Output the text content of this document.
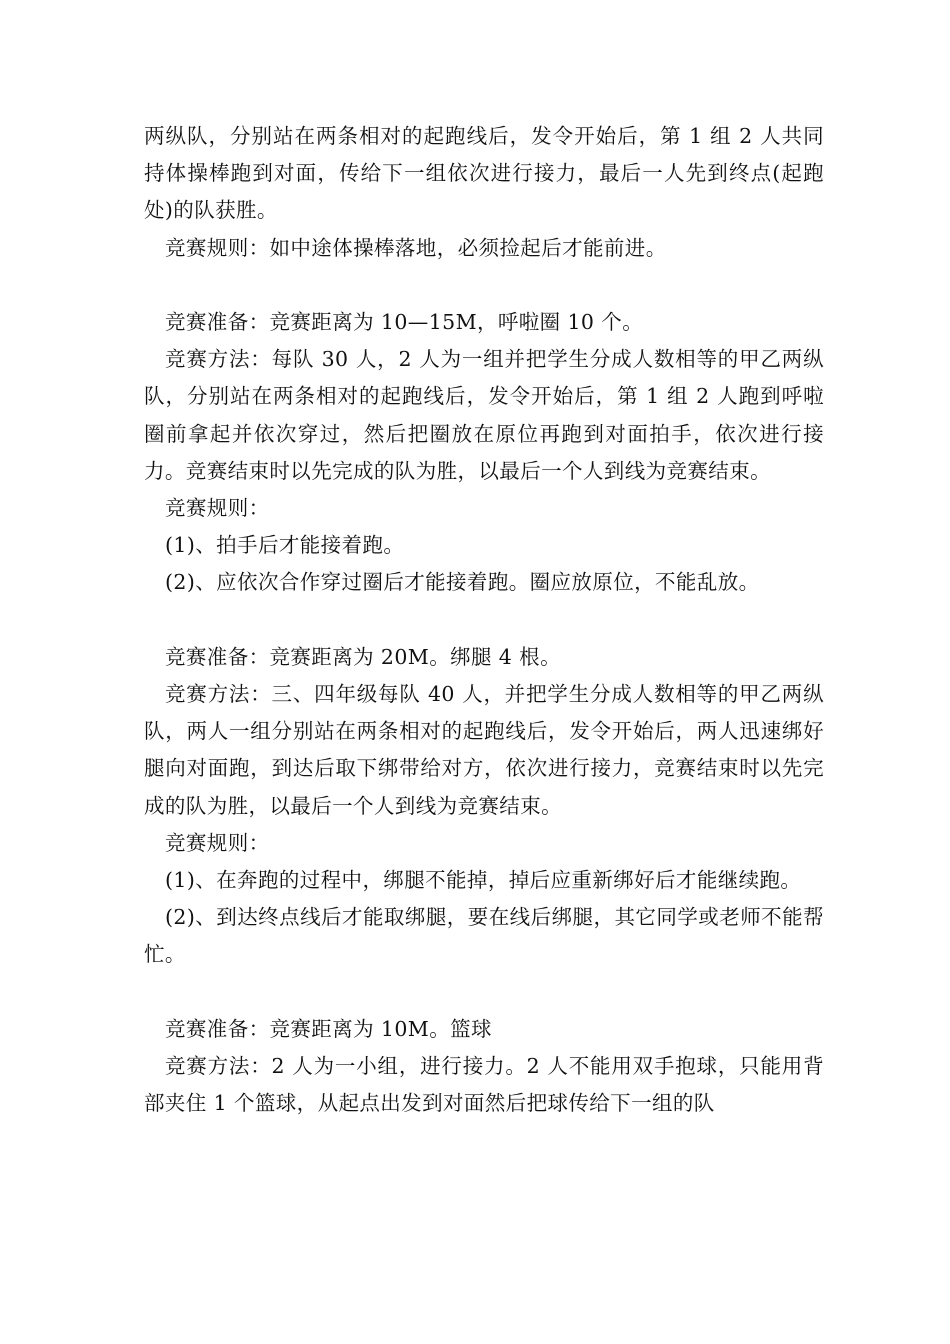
两纵队，分别站在两条相对的起跑线后，发令开始后，第 1 组 2 人共同持体操棒跑到对面，传给下一组依次进行接力，最后一人先到终点(起跑处)的队获胜。

竞赛规则：如中途体操棒落地，必须捡起后才能前进。

竞赛准备：竞赛距离为 10—15M，呼啦圈 10 个。

竞赛方法：每队 30 人，2 人为一组并把学生分成人数相等的甲乙两纵队，分别站在两条相对的起跑线后，发令开始后，第 1 组 2 人跑到呼啦圈前拿起并依次穿过，然后把圈放在原位再跑到对面拍手，依次进行接力。竞赛结束时以先完成的队为胜，以最后一个人到线为竞赛结束。

竞赛规则：

(1)、拍手后才能接着跑。

(2)、应依次合作穿过圈后才能接着跑。圈应放原位，不能乱放。

竞赛准备：竞赛距离为 20M。绑腿 4 根。

竞赛方法：三、四年级每队 40 人，并把学生分成人数相等的甲乙两纵队，两人一组分别站在两条相对的起跑线后，发令开始后，两人迅速绑好腿向对面跑，到达后取下绑带给对方，依次进行接力，竞赛结束时以先完成的队为胜，以最后一个人到线为竞赛结束。

竞赛规则：

(1)、在奔跑的过程中，绑腿不能掉，掉后应重新绑好后才能继续跑。

(2)、到达终点线后才能取绑腿，要在线后绑腿，其它同学或老师不能帮忙。

竞赛准备：竞赛距离为 10M。篮球

竞赛方法：2 人为一小组，进行接力。2 人不能用双手抱球，只能用背部夹住 1 个篮球，从起点出发到对面然后把球传给下一组的队
